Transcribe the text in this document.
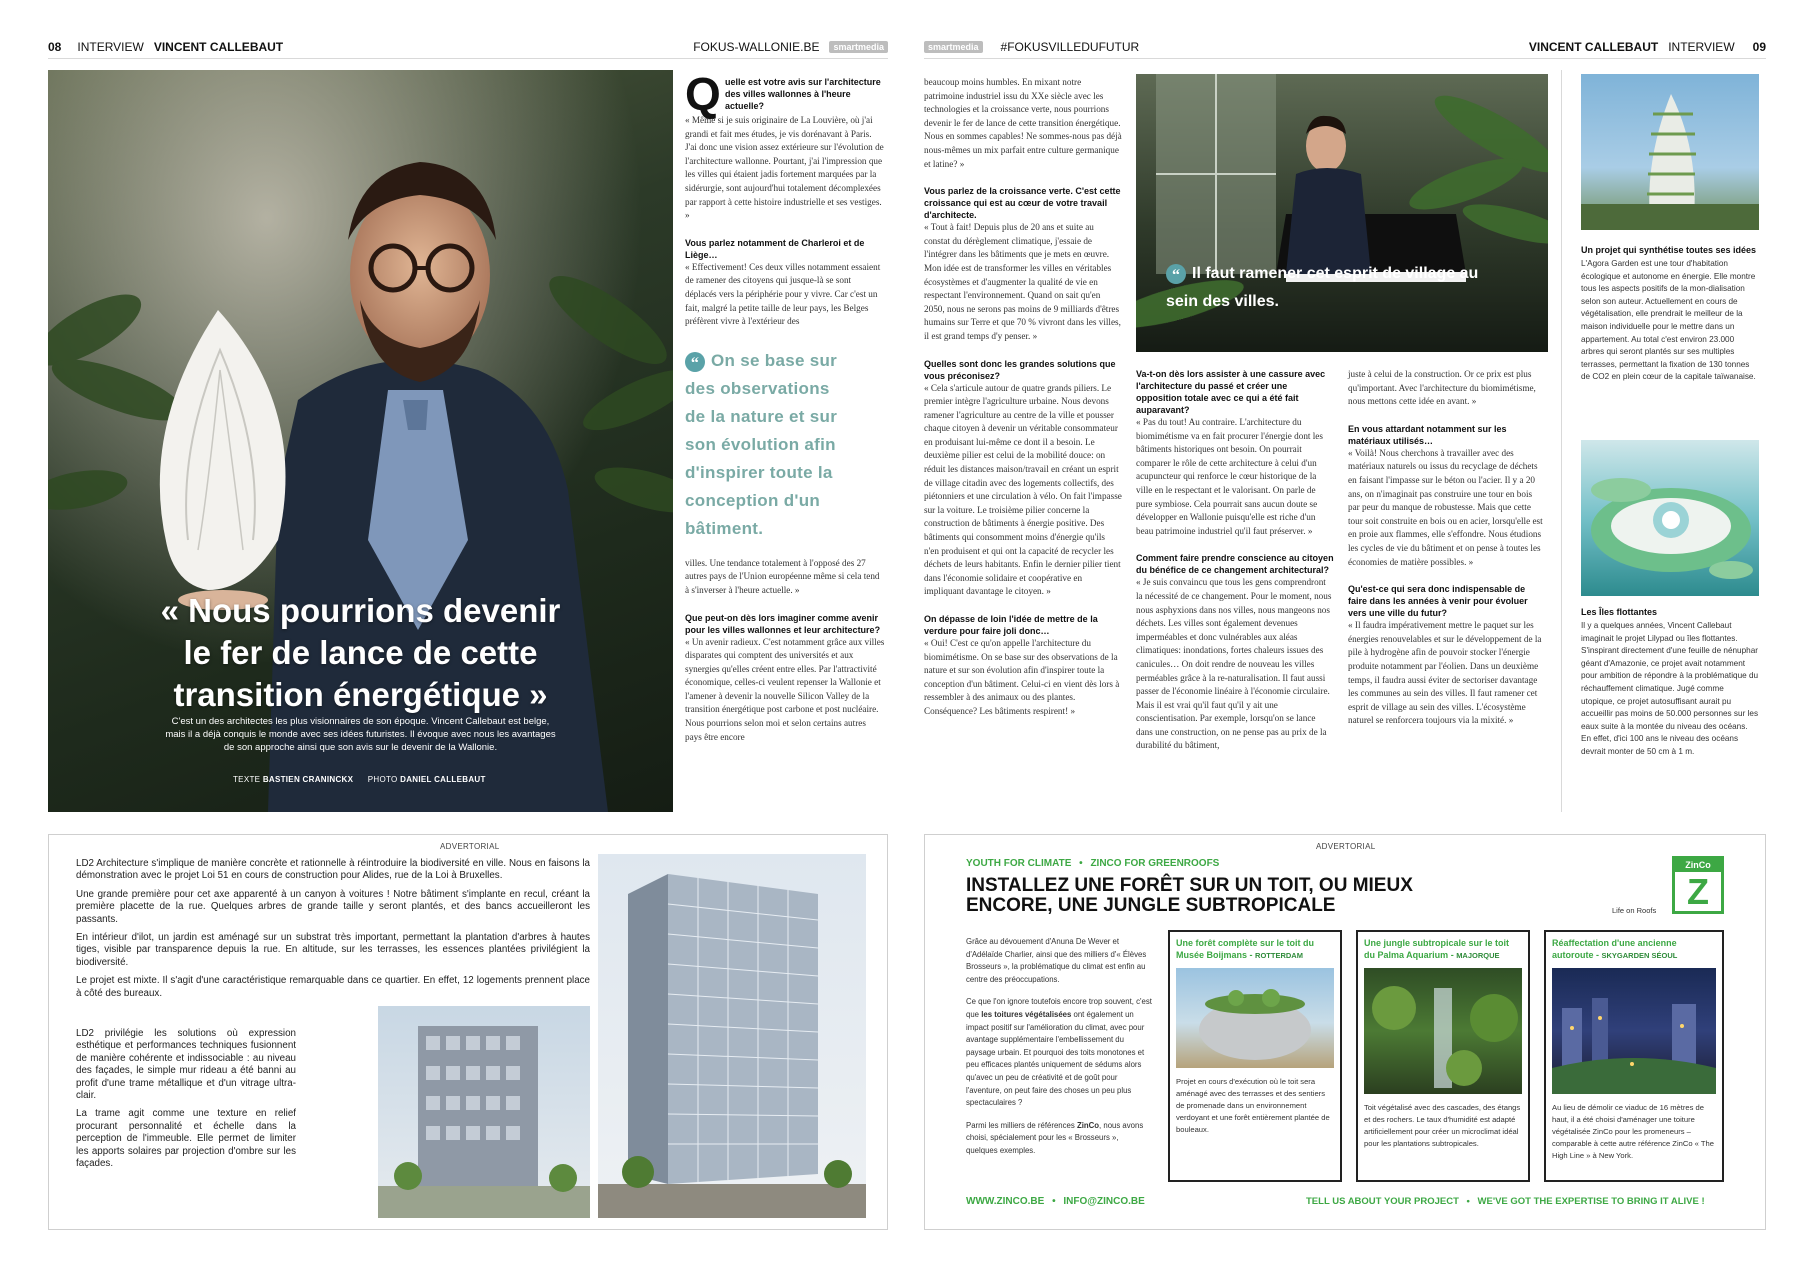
08 INTERVIEW VINCENT CALLEBAUT	FOKUS-WALLONIE.BE	smartmedia	smartmedia	#FOKUSVILLEDUFUTUR	VINCENT CALLEBAUT INTERVIEW 09
« Nous pourrions devenir
le fer de lance de cette
transition énergétique »
C'est un des architectes les plus visionnaires de son époque. Vincent Callebaut est belge,
mais il a déjà conquis le monde avec ses idées futuristes. Il évoque avec nous les avantages
de son approche ainsi que son avis sur le devenir de la Wallonie.
TEXTE BASTIEN CRANINCKX PHOTO DANIEL CALLEBAUT
Q uelle est votre avis sur l'architecture des villes wallonnes à l'heure actuelle?
« Même si je suis originaire de La Louvière, où j'ai grandi et fait mes études, je vis dorénavant à Paris. J'ai donc une vision assez extérieure sur l'évolution de l'architecture wallonne. Pourtant, j'ai l'impression que les villes qui étaient jadis fortement marquées par la sidérurgie, sont aujourd'hui totalement décomplexées par rapport à cette histoire industrielle et ses vestiges. »
Vous parlez notamment de Charleroi et de Liège…
« Effectivement! Ces deux villes notamment essaient de ramener des citoyens qui jusque-là se sont déplacés vers la périphérie pour y vivre. Car c'est un fait, malgré la petite taille de leur pays, les Belges préfèrent vivre à l'extérieur des
“ On se base sur des observations de la nature et sur son évolution afin d'inspirer toute la conception d'un bâtiment.
villes. Une tendance totalement à l'opposé des 27 autres pays de l'Union européenne même si cela tend à s'inverser à l'heure actuelle. »
Que peut-on dès lors imaginer comme avenir pour les villes wallonnes et leur architecture?
« Un avenir radieux. C'est notamment grâce aux villes disparates qui comptent des universités et aux synergies qu'elles créent entre elles. Par l'attractivité économique, celles-ci veulent repenser la Wallonie et l'amener à devenir la nouvelle Silicon Valley de la transition énergétique post carbone et post nucléaire. Nous pourrions selon moi et selon certains autres pays être encore
beaucoup moins humbles. En mixant notre patrimoine industriel issu du XXe siècle avec les technologies et la croissance verte, nous pourrions devenir le fer de lance de cette transition énergétique. Nous en sommes capables! Ne sommes-nous pas déjà nous-mêmes un mix parfait entre culture germanique et latine? »
Vous parlez de la croissance verte. C'est cette croissance qui est au cœur de votre travail d'architecte.
« Tout à fait! Depuis plus de 20 ans et suite au constat du dérèglement climatique, j'essaie de l'intégrer dans les bâtiments que je mets en œuvre. Mon idée est de transformer les villes en véritables écosystèmes et d'augmenter la qualité de vie en respectant l'environnement. Quand on sait qu'en 2050, nous ne serons pas moins de 9 milliards d'êtres humains sur Terre et que 70 % vivront dans les villes, il est grand temps d'y penser. »
Quelles sont donc les grandes solutions que vous préconisez?
« Cela s'articule autour de quatre grands piliers. Le premier intègre l'agriculture urbaine. Nous devons ramener l'agriculture au centre de la ville et pousser chaque citoyen à devenir un véritable consommateur en produisant lui-même ce dont il a besoin. Le deuxième pilier est celui de la mobilité douce: on réduit les distances maison/travail en créant un esprit de village citadin avec des logements collectifs, des piétonniers et une circulation à vélo. On fait l'impasse sur la voiture. Le troisième pilier concerne la construction de bâtiments à énergie positive. Des bâtiments qui consomment moins d'énergie qu'ils n'en produisent et qui ont la capacité de recycler les déchets de leurs habitants. Enfin le dernier pilier tient dans l'économie solidaire et coopérative en impliquant davantage le citoyen. »
On dépasse de loin l'idée de mettre de la verdure pour faire joli donc…
« Oui! C'est ce qu'on appelle l'architecture du biomimétisme. On se base sur des observations de la nature et sur son évolution afin d'inspirer toute la conception d'un bâtiment. Celui-ci en vient dès lors à ressembler à des animaux ou des plantes. Conséquence? Les bâtiments respirent! »
“ Il faut ramener cet esprit de village au sein des villes.
Va-t-on dès lors assister à une cassure avec l'architecture du passé et créer une opposition totale avec ce qui a été fait auparavant?
« Pas du tout! Au contraire. L'architecture du biomimétisme va en fait procurer l'énergie dont les bâtiments historiques ont besoin. On pourrait comparer le rôle de cette architecture à celui d'un acupuncteur qui renforce le cœur historique de la ville en le respectant et le valorisant. On parle de pure symbiose. Cela pourrait sans aucun doute se développer en Wallonie puisqu'elle est riche d'un beau patrimoine industriel qu'il faut préserver. »
Comment faire prendre conscience au citoyen du bénéfice de ce changement architectural?
« Je suis convaincu que tous les gens comprendront la nécessité de ce changement. Pour le moment, nous nous asphyxions dans nos villes, nous mangeons nos déchets. Les villes sont également devenues imperméables et donc vulnérables aux aléas climatiques: inondations, fortes chaleurs issues des canicules… On doit rendre de nouveau les villes perméables grâce à la re-naturalisation. Il faut aussi passer de l'économie linéaire à l'économie circulaire. Mais il est vrai qu'il faut qu'il y ait une conscientisation. Par exemple, lorsqu'on se lance dans une construction, on ne pense pas au prix de la durabilité du bâtiment,
juste à celui de la construction. Or ce prix est plus qu'important. Avec l'architecture du biomimétisme, nous mettons cette idée en avant. »
En vous attardant notamment sur les matériaux utilisés…
« Voilà! Nous cherchons à travailler avec des matériaux naturels ou issus du recyclage de déchets en faisant l'impasse sur le béton ou l'acier. Il y a 20 ans, on n'imaginait pas construire une tour en bois par peur du manque de robustesse. Mais que cette tour soit construite en bois ou en acier, lorsqu'elle est en proie aux flammes, elle s'effondre. Nous étudions les cycles de vie du bâtiment et on pense à toutes les économies de matière possibles. »
Qu'est-ce qui sera donc indispensable de faire dans les années à venir pour évoluer vers une ville du futur?
« Il faudra impérativement mettre le paquet sur les énergies renouvelables et sur le développement de la pile à hydrogène afin de pouvoir stocker l'énergie produite notamment par l'éolien. Dans un deuxième temps, il faudra aussi éviter de sectoriser davantage les communes au sein des villes. Il faut ramener cet esprit de village au sein des villes. L'écosystème naturel se renforcera toujours via la mixité. »
Un projet qui synthétise toutes ses idées
L'Agora Garden est une tour d'habitation écologique et autonome en énergie. Elle montre tous les aspects positifs de la mon-dialisation selon son auteur. Actuellement en cours de végétalisation, elle prendrait le meilleur de la maison individuelle pour le mettre dans un appartement. Au total c'est environ 23.000 arbres qui seront plantés sur ses multiples terrasses, permettant la fixation de 130 tonnes de CO2 en plein cœur de la capitale taïwanaise.
Les Îles flottantes
Il y a quelques années, Vincent Callebaut imaginait le projet Lilypad ou îles flottantes. S'inspirant directement d'une feuille de nénuphar géant d'Amazonie, ce projet avait notamment pour ambition de répondre à la problématique du réchauffement climatique. Jugé comme utopique, ce projet autosuffisant aurait pu accueillir pas moins de 50.000 personnes sur les eaux suite à la montée du niveau des océans. En effet, d'ici 100 ans le niveau des océans devrait monter de 50 cm à 1 m.
ADVERTORIAL

LD2 Architecture s'implique de manière concrète et rationnelle à réintroduire la biodiversité en ville. Nous en faisons la démonstration avec le projet Loi 51 en cours de construction pour Alides, rue de la Loi à Bruxelles.

Une grande première pour cet axe apparenté à un canyon à voitures ! Notre bâtiment s'implante en recul, créant la première placette de la rue. Quelques arbres de grande taille y seront plantés, et des bancs accueilleront les passants.

En intérieur d'ilot, un jardin est aménagé sur un substrat très important, permettant la plantation d'arbres à hautes tiges, visible par transparence depuis la rue. En altitude, sur les terrasses, les essences plantées privilégient la biodiversité.

Le projet est mixte. Il s'agit d'une caractéristique remarquable dans ce quartier. En effet, 12 logements prennent place à côté des bureaux.

LD2 privilégie les solutions où expression esthétique et performances techniques fusionnent de manière cohérente et indissociable : au niveau des façades, le simple mur rideau a été banni au profit d'une trame métallique et d'un vitrage ultra-clair.

La trame agit comme une texture en relief procurant personnalité et échelle dans la perception de l'immeuble. Elle permet de limiter les apports solaires par projection d'ombre sur les façades.

ADVERTORIAL
YOUTH FOR CLIMATE • ZINCO FOR GREENROOFS
INSTALLEZ UNE FORÊT SUR UN TOIT, OU MIEUX
ENCORE, UNE JUNGLE SUBTROPICALE
ZinCo
Z
Life on Roofs

Grâce au dévouement d'Anuna De Wever et d'Adélaïde Charlier, ainsi que des milliers d'« Élèves Brosseurs », la problématique du climat est enfin au centre des préoccupations.

Ce que l'on ignore toutefois encore trop souvent, c'est que les toitures végétalisées ont également un impact positif sur l'amélioration du climat, avec pour avantage supplémentaire l'embellissement du paysage urbain. Et pourquoi des toits monotones et peu efficaces plantés uniquement de sédums alors qu'avec un peu de créativité et de goût pour l'aventure, on peut faire des choses un peu plus spectaculaires ?

Parmi les milliers de références ZinCo, nous avons choisi, spécialement pour les « Brosseurs », quelques exemples.

Une forêt complète sur le toit du Musée Boijmans - ROTTERDAM
Projet en cours d'exécution où le toit sera aménagé avec des terrasses et des sentiers de promenade dans un environnement verdoyant et une forêt entièrement plantée de bouleaux.
Une jungle subtropicale sur le toit du Palma Aquarium - MAJORQUE
Toit végétalisé avec des cascades, des étangs et des rochers. Le taux d'humidité est adapté artificiellement pour créer un microclimat idéal pour les plantations subtropicales.
Réaffectation d'une ancienne autoroute - SKYGARDEN SÉOUL
Au lieu de démolir ce viaduc de 16 mètres de haut, il a été choisi d'aménager une toiture végétalisée ZinCo pour les promeneurs – comparable à cette autre référence ZinCo « The High Line » à New York.
WWW.ZINCO.BE • INFO@ZINCO.BE	TELL US ABOUT YOUR PROJECT • WE'VE GOT THE EXPERTISE TO BRING IT ALIVE !
